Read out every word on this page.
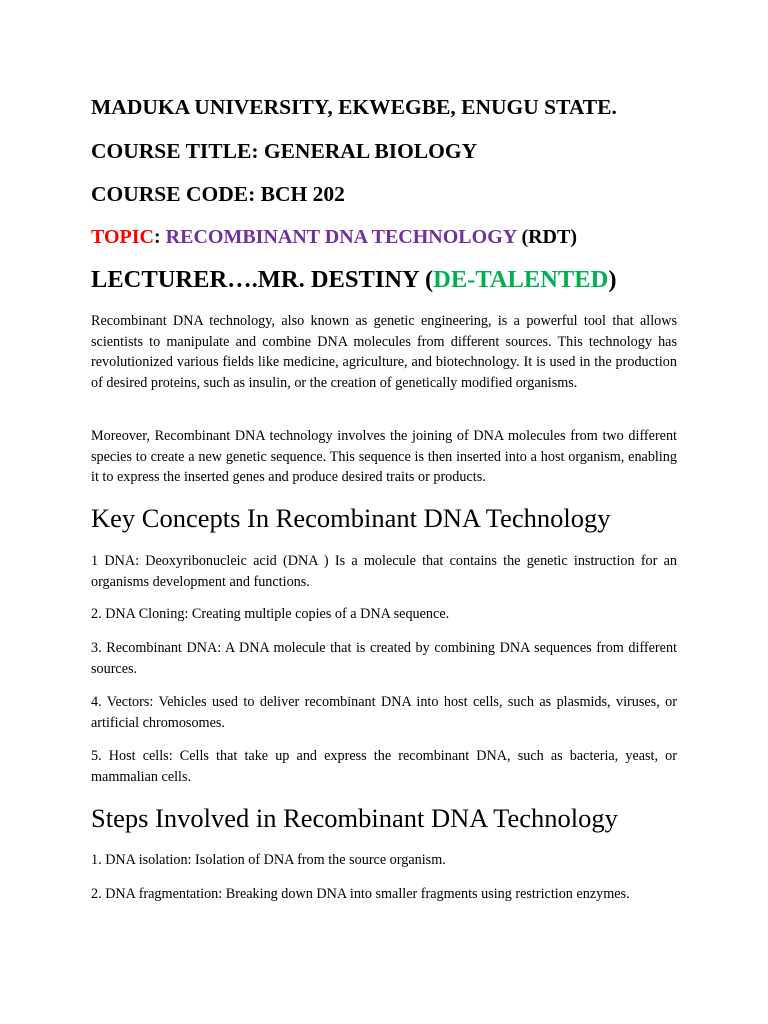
MADUKA UNIVERSITY, EKWEGBE, ENUGU STATE.

COURSE TITLE: GENERAL BIOLOGY

COURSE CODE: BCH 202

TOPIC: RECOMBINANT DNA TECHNOLOGY (RDT)

LECTURER….MR. DESTINY (DE-TALENTED)

Recombinant DNA technology, also known as genetic engineering, is a powerful tool that allows scientists to manipulate and combine DNA molecules from different sources. This technology has revolutionized various fields like medicine, agriculture, and biotechnology. It is used in the production of desired proteins, such as insulin, or the creation of genetically modified organisms.

Moreover, Recombinant DNA technology involves the joining of DNA molecules from two different species to create a new genetic sequence. This sequence is then inserted into a host organism, enabling it to express the inserted genes and produce desired traits or products.

Key Concepts In Recombinant DNA Technology

1 DNA: Deoxyribonucleic acid (DNA ) Is a molecule that contains the genetic instruction for an organisms development and functions.

2. DNA Cloning: Creating multiple copies of a DNA sequence.

3. Recombinant DNA: A DNA molecule that is created by combining DNA sequences from different sources.

4. Vectors: Vehicles used to deliver recombinant DNA into host cells, such as plasmids, viruses, or artificial chromosomes.

5. Host cells: Cells that take up and express the recombinant DNA, such as bacteria, yeast, or mammalian cells.

Steps Involved in Recombinant DNA Technology

1. DNA isolation: Isolation of DNA from the source organism.

2. DNA fragmentation: Breaking down DNA into smaller fragments using restriction enzymes.
